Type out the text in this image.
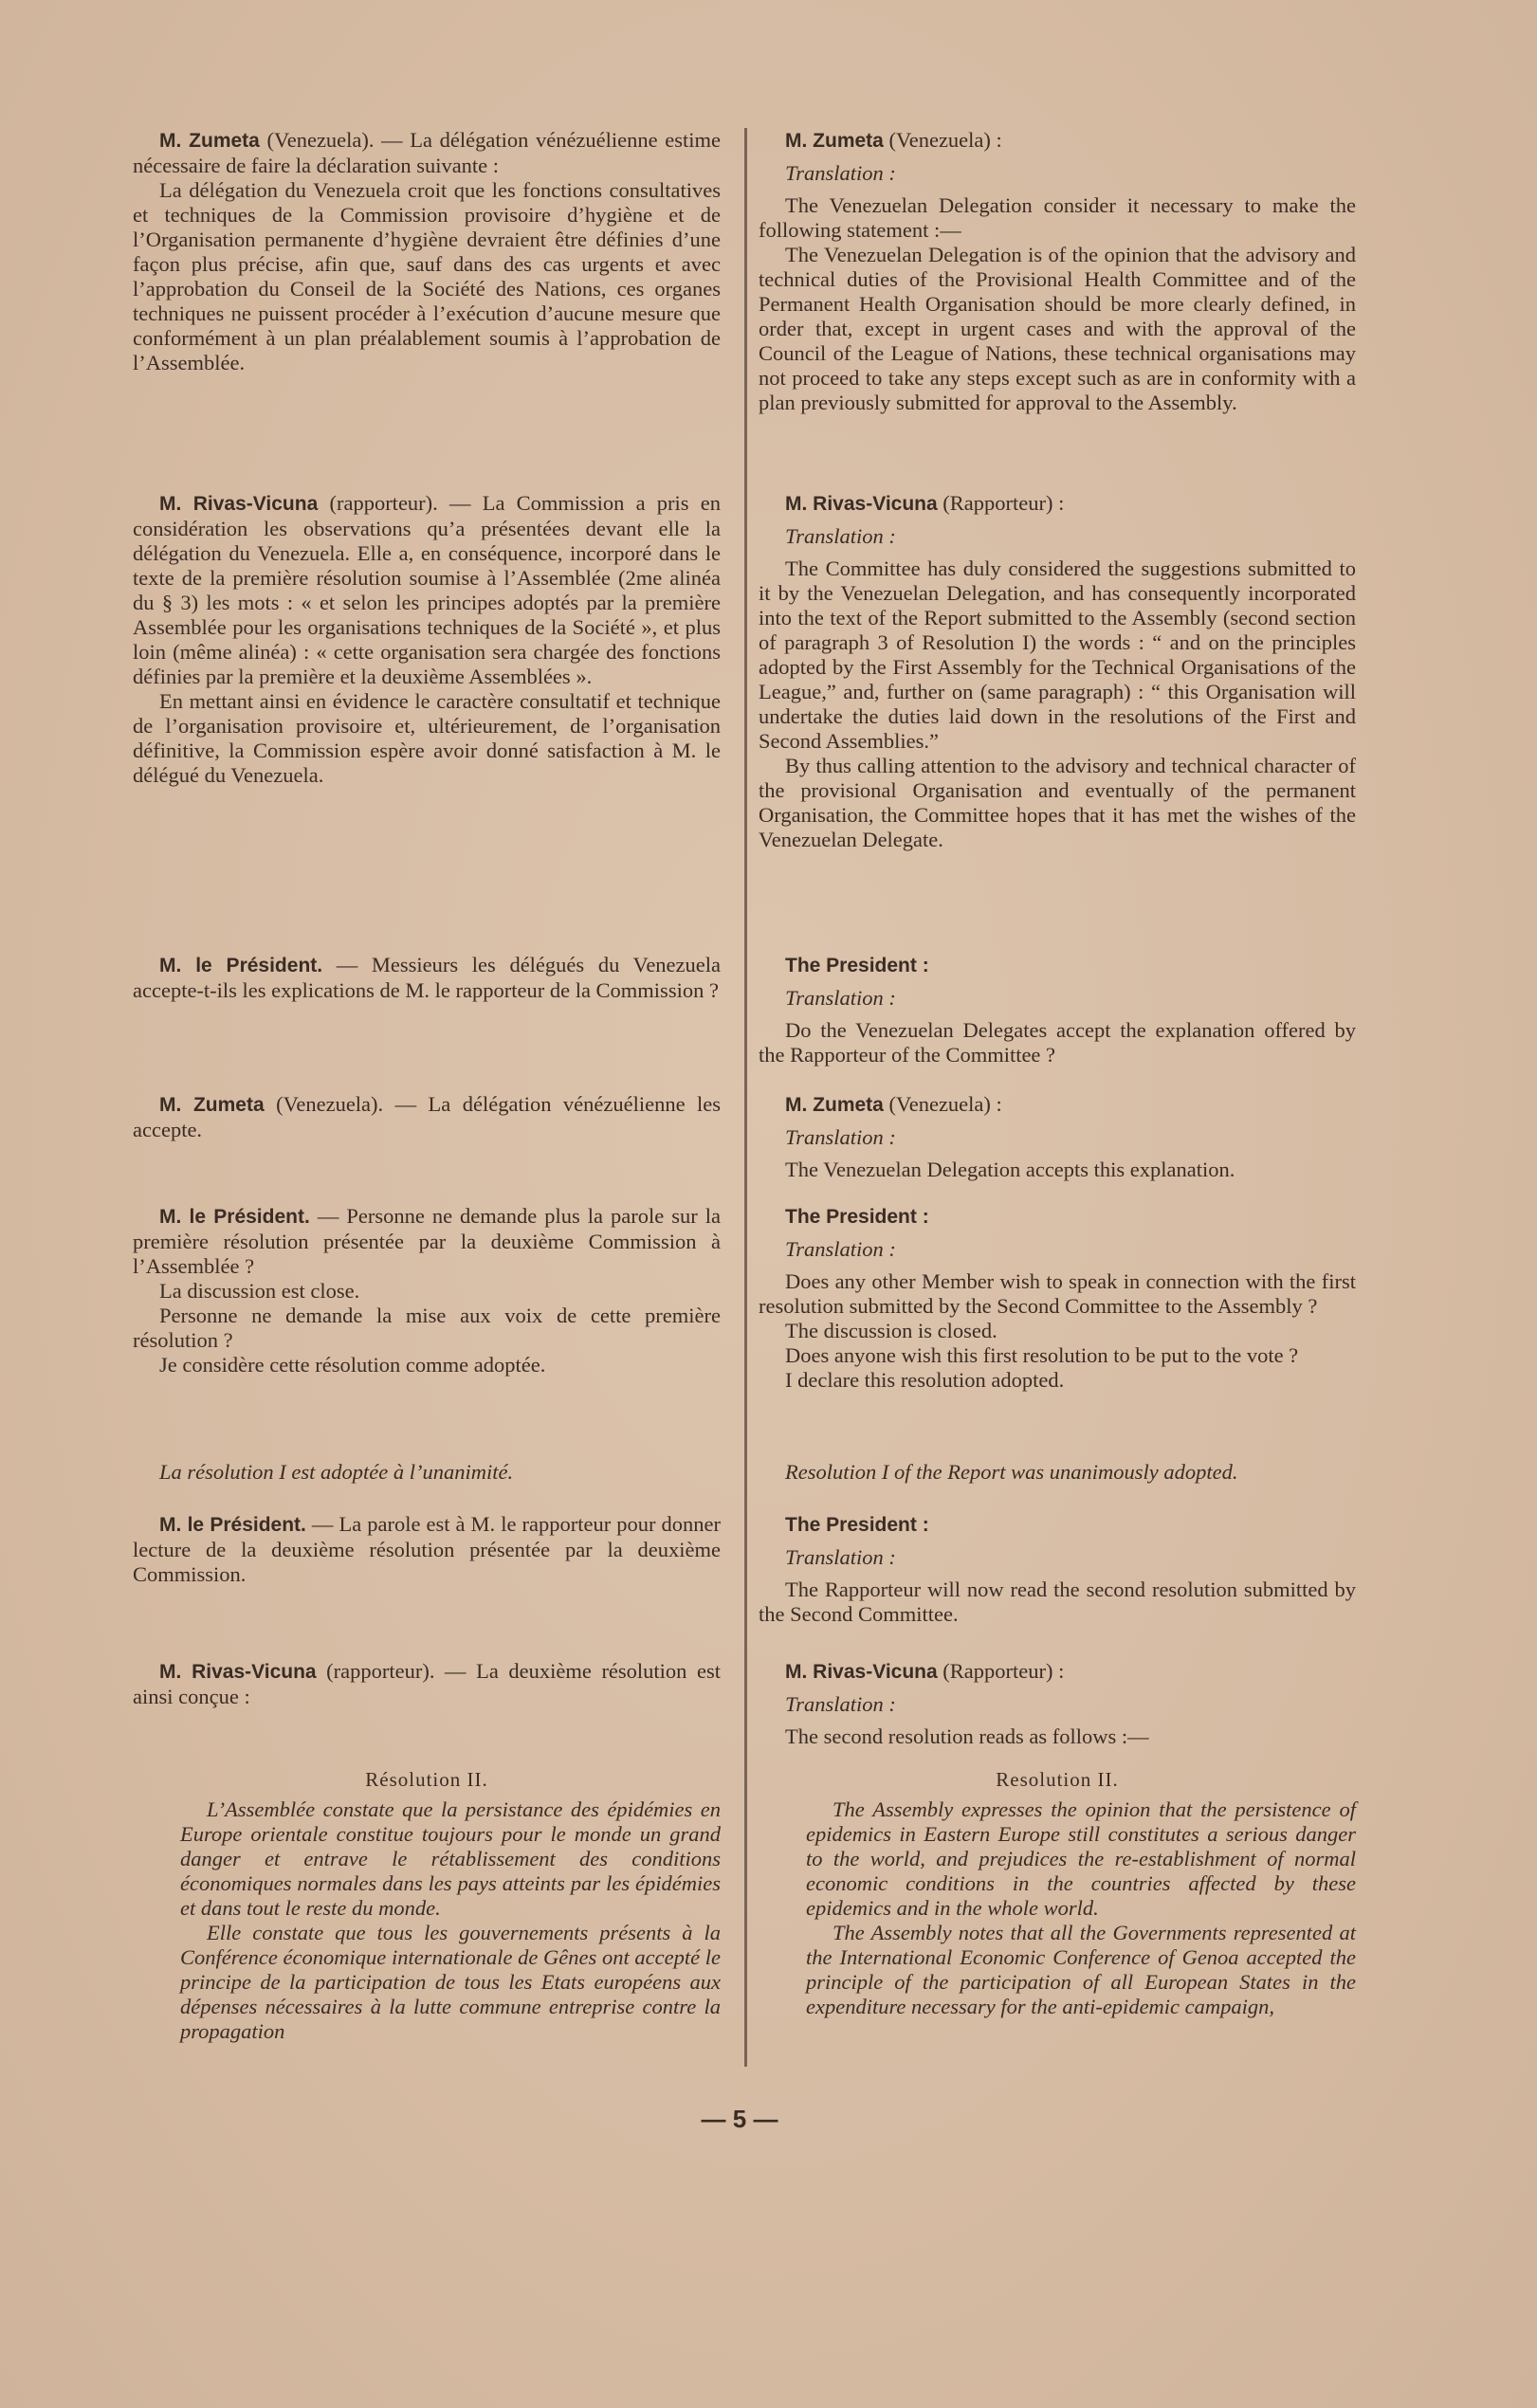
M. Zumeta (Venezuela). — La délégation vénézuélienne estime nécessaire de faire la déclaration suivante :

La délégation du Venezuela croit que les fonctions consultatives et techniques de la Commission provisoire d’hygiène et de l’Organisation permanente d’hygiène devraient être définies d’une façon plus précise, afin que, sauf dans des cas urgents et avec l’approbation du Conseil de la Société des Nations, ces organes techniques ne puissent procéder à l’exécution d’aucune mesure que conformément à un plan préalablement soumis à l’approbation de l’Assemblée.

M. Rivas-Vicuna (rapporteur). — La Commission a pris en considération les observations qu’a présentées devant elle la délégation du Venezuela. Elle a, en conséquence, incorporé dans le texte de la première résolution soumise à l’Assemblée (2me alinéa du § 3) les mots : « et selon les principes adoptés par la première Assemblée pour les organisations techniques de la Société », et plus loin (même alinéa) : « cette organisation sera chargée des fonctions définies par la première et la deuxième Assemblées ».

En mettant ainsi en évidence le caractère consultatif et technique de l’organisation provisoire et, ultérieurement, de l’organisation définitive, la Commission espère avoir donné satisfaction à M. le délégué du Venezuela.

M. le Président. — Messieurs les délégués du Venezuela accepte-t-ils les explications de M. le rapporteur de la Commission ?

M. Zumeta (Venezuela). — La délégation vénézuélienne les accepte.

M. le Président. — Personne ne demande plus la parole sur la première résolution présentée par la deuxième Commission à l’Assemblée ?

La discussion est close.

Personne ne demande la mise aux voix de cette première résolution ?

Je considère cette résolution comme adoptée.

La résolution I est adoptée à l’unanimité.

M. le Président. — La parole est à M. le rapporteur pour donner lecture de la deuxième résolution présentée par la deuxième Commission.

M. Rivas-Vicuna (rapporteur). — La deuxième résolution est ainsi conçue :

Résolution II.

L’Assemblée constate que la persistance des épidémies en Europe orientale constitue toujours pour le monde un grand danger et entrave le rétablissement des conditions économiques normales dans les pays atteints par les épidémies et dans tout le reste du monde.

Elle constate que tous les gouvernements présents à la Conférence économique internationale de Gênes ont accepté le principe de la participation de tous les Etats européens aux dépenses nécessaires à la lutte commune entreprise contre la propagation

M. Zumeta (Venezuela) :

Translation :

The Venezuelan Delegation consider it necessary to make the following statement :—

The Venezuelan Delegation is of the opinion that the advisory and technical duties of the Provisional Health Committee and of the Permanent Health Organisation should be more clearly defined, in order that, except in urgent cases and with the approval of the Council of the League of Nations, these technical organisations may not proceed to take any steps except such as are in conformity with a plan previously submitted for approval to the Assembly.

M. Rivas-Vicuna (Rapporteur) :

Translation :

The Committee has duly considered the suggestions submitted to it by the Venezuelan Delegation, and has consequently incorporated into the text of the Report submitted to the Assembly (second section of paragraph 3 of Resolution I) the words : “ and on the principles adopted by the First Assembly for the Technical Organisations of the League,” and, further on (same paragraph) : “ this Organisation will undertake the duties laid down in the resolutions of the First and Second Assemblies.”

By thus calling attention to the advisory and technical character of the provisional Organisation and eventually of the permanent Organisation, the Committee hopes that it has met the wishes of the Venezuelan Delegate.

The President :

Translation :

Do the Venezuelan Delegates accept the explanation offered by the Rapporteur of the Committee ?

M. Zumeta (Venezuela) :

Translation :

The Venezuelan Delegation accepts this explanation.

The President :

Translation :

Does any other Member wish to speak in connection with the first resolution submitted by the Second Committee to the Assembly ?

The discussion is closed.

Does anyone wish this first resolution to be put to the vote ?

I declare this resolution adopted.

Resolution I of the Report was unanimously adopted.

The President :

Translation :

The Rapporteur will now read the second resolution submitted by the Second Committee.

M. Rivas-Vicuna (Rapporteur) :

Translation :

The second resolution reads as follows :—

Resolution II.

The Assembly expresses the opinion that the persistence of epidemics in Eastern Europe still constitutes a serious danger to the world, and prejudices the re-establishment of normal economic conditions in the countries affected by these epidemics and in the whole world.

The Assembly notes that all the Governments represented at the International Economic Conference of Genoa accepted the principle of the participation of all European States in the expenditure necessary for the anti-epidemic campaign,

— 5 —
